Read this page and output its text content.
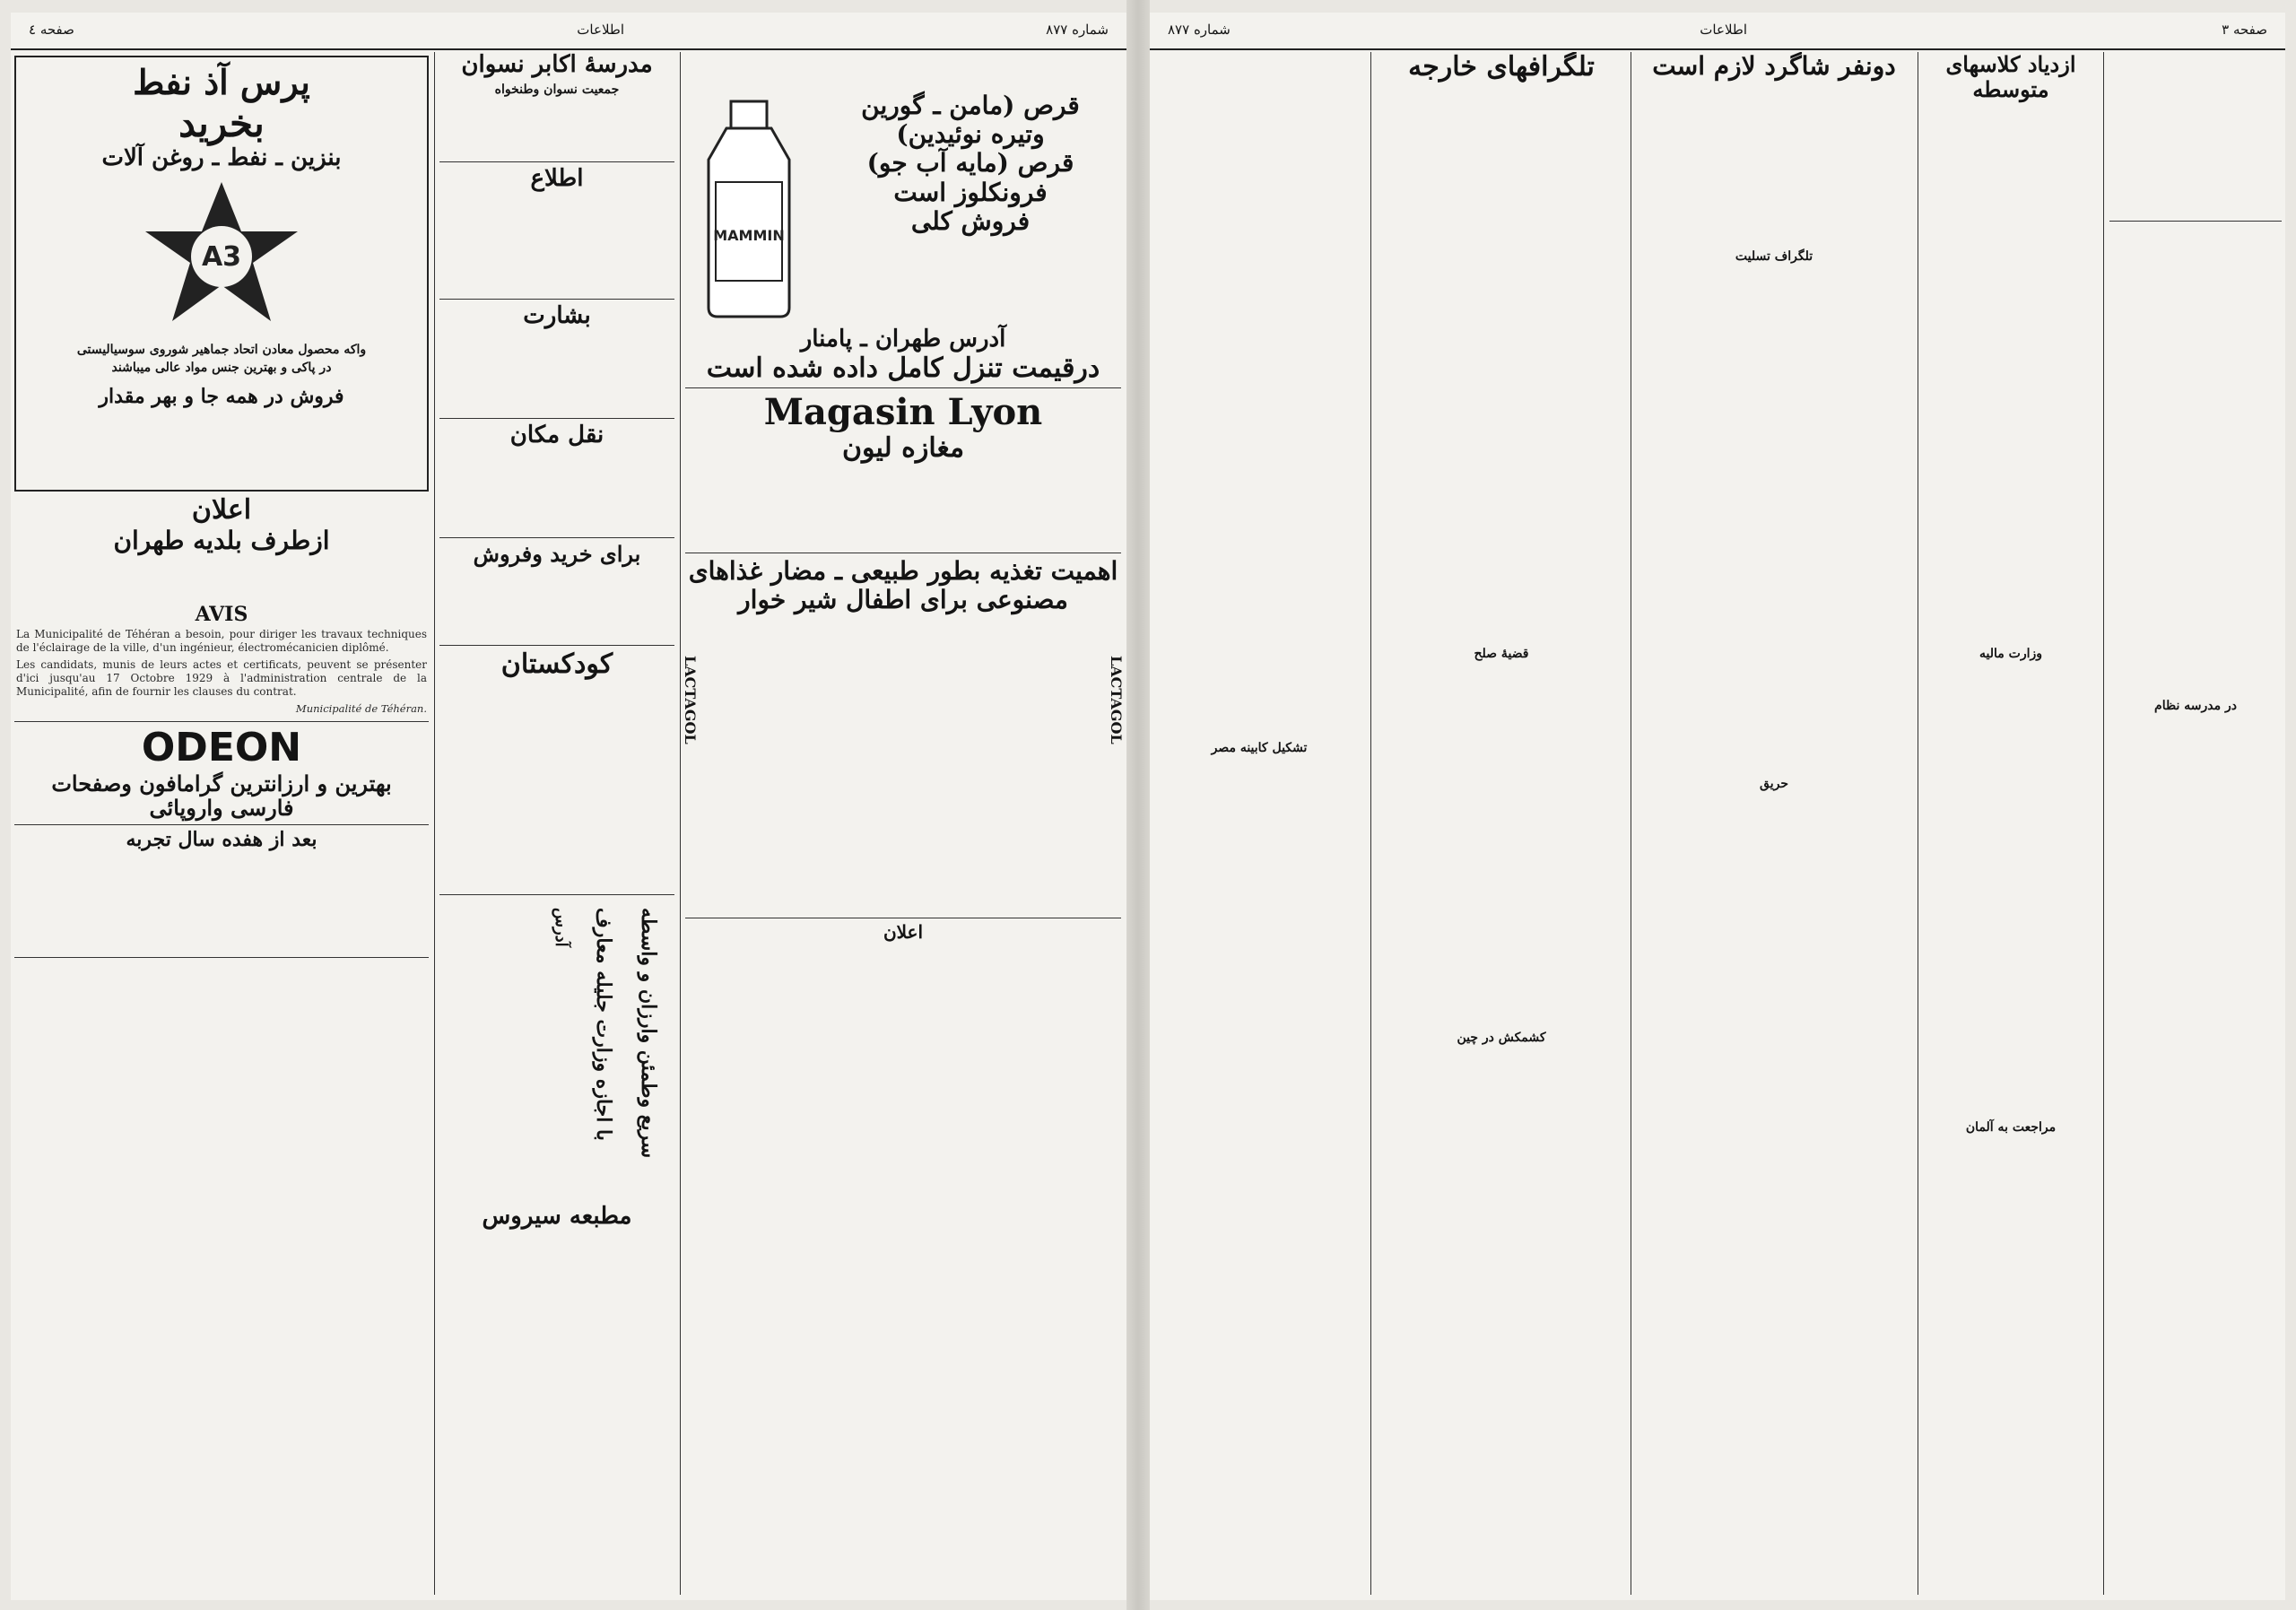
شماره ٨٧٧
اطلاعات
صفحه ٤
پرس آذ نفط
بخرید
بنزین ـ نفط ـ روغن آلات
A3
واکه محصول معادن اتحاد جماهیر شوروی سوسیالیستی
در پاکی و بهترین جنس مواد عالی میباشند
فروش در همه جا و بهر مقدار
اعلان
ازطرف بلدیه طهران
AVIS
La Municipalité de Téhéran a besoin, pour diriger les travaux techniques de l'éclairage de la ville, d'un ingénieur, électromécanicien diplômé.
Les candidats, munis de leurs actes et certificats, peuvent se présenter d'ici jusqu'au 17 Octobre 1929 à l'administration centrale de la Municipalité, afin de fournir les clauses du contrat.
Municipalité de Téhéran.
ODEON
بهترین و ارزانترین گرامافون وصفحات
فارسی واروپائی
بعد از هفده سال تجربه
مدرسهٔ اکابر نسوان
جمعیت نسوان وطنخواه
اطلاع
بشارت
نقل مکان
برای خرید وفروش
کودکستان
سریع وطمئن وارزان و واسطه
با اجازه وزارت جلیله معارف
آدرس
مطبعه سیروس
قرص (مامن ـ گورین
وتیره نوئیدین)
قرص (مایه آب جو)
فرونکلوز است
فروش کلی
MAMMIN
آدرس طهران ـ پامنار
درقیمت تنزل کامل داده شده است
Magasin Lyon
مغازه لیون
اهمیت تغذیه بطور طبیعی ـ مضار غذاهای
مصنوعی برای اطفال شیر خوار
LACTAGOL	LACTAGOL
اعلان
صفحه ٣
اطلاعات
شماره ٨٧٧
در مدرسه نظام
ازدیاد کلاسهای متوسطه
وزارت مالیه
مراجعت به آلمان
دونفر شاگرد لازم است
تلگراف تسلیت
حریق
تلگرافهای خارجه
قضیهٔ صلح
کشمکش در چین
تشکیل کابینه مصر
